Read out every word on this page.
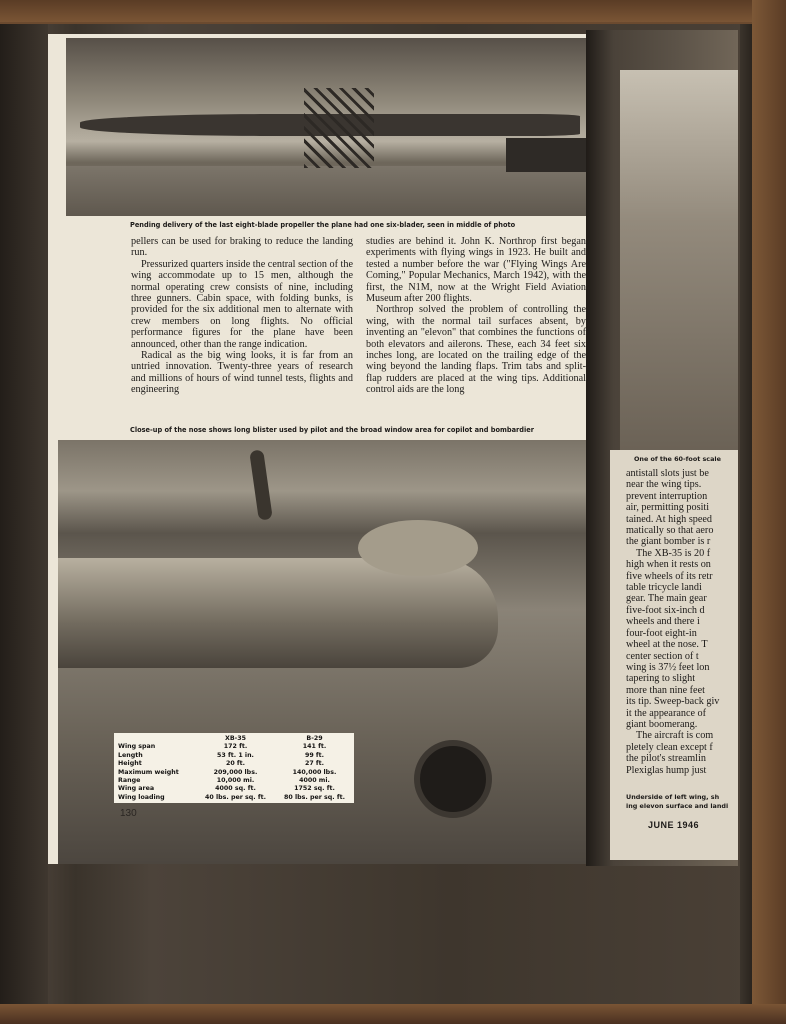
Pending delivery of the last eight-blade propeller the plane had one six-blader, seen in middle of photo

pellers can be used for braking to reduce the landing run.

Pressurized quarters inside the central section of the wing accommodate up to 15 men, although the normal operating crew consists of nine, including three gunners. Cabin space, with folding bunks, is provided for the six additional men to alternate with crew members on long flights. No official performance figures for the plane have been announced, other than the range indication.

Radical as the big wing looks, it is far from an untried innovation. Twenty-three years of research and millions of hours of wind tunnel tests, flights and engineering

studies are behind it. John K. Northrop first began experiments with flying wings in 1923. He built and tested a number before the war ("Flying Wings Are Coming," Popular Mechanics, March 1942), with the first, the N1M, now at the Wright Field Aviation Museum after 200 flights.

Northrop solved the problem of controlling the wing, with the normal tail surfaces absent, by inventing an "elevon" that combines the functions of both elevators and ailerons. These, each 34 feet six inches long, are located on the trailing edge of the wing beyond the landing flaps. Trim tabs and split-flap rudders are placed at the wing tips. Additional control aids are the long

Close-up of the nose shows long blister used by pilot and the broad window area for copilot and bombardier
	XB-35	B-29
Wing span	172 ft.	141 ft.
Length	53 ft. 1 in.	99 ft.
Height	20 ft.	27 ft.
Maximum weight	209,000 lbs.	140,000 lbs.
Range	10,000 mi.	4000 mi.
Wing area	4000 sq. ft.	1752 sq. ft.
Wing loading	40 lbs. per sq. ft.	80 lbs. per sq. ft.
130
One of the 60-foot scale

antistall slots just be

near the wing tips.

prevent interruption

air, permitting positi

tained. At high speed

matically so that aero

the giant bomber is r

The XB-35 is 20 f

high when it rests on

five wheels of its retr

table tricycle landi

gear. The main gear

five-foot six-inch d

wheels and there i

four-foot eight-in

wheel at the nose. T

center section of t

wing is 37½ feet lon

tapering to slight

more than nine feet

its tip. Sweep-back giv

it the appearance of

giant boomerang.

The aircraft is com

pletely clean except f

the pilot's streamlin

Plexiglas hump just

Underside of left wing, sh
ing elevon surface and landi
JUNE 1946
